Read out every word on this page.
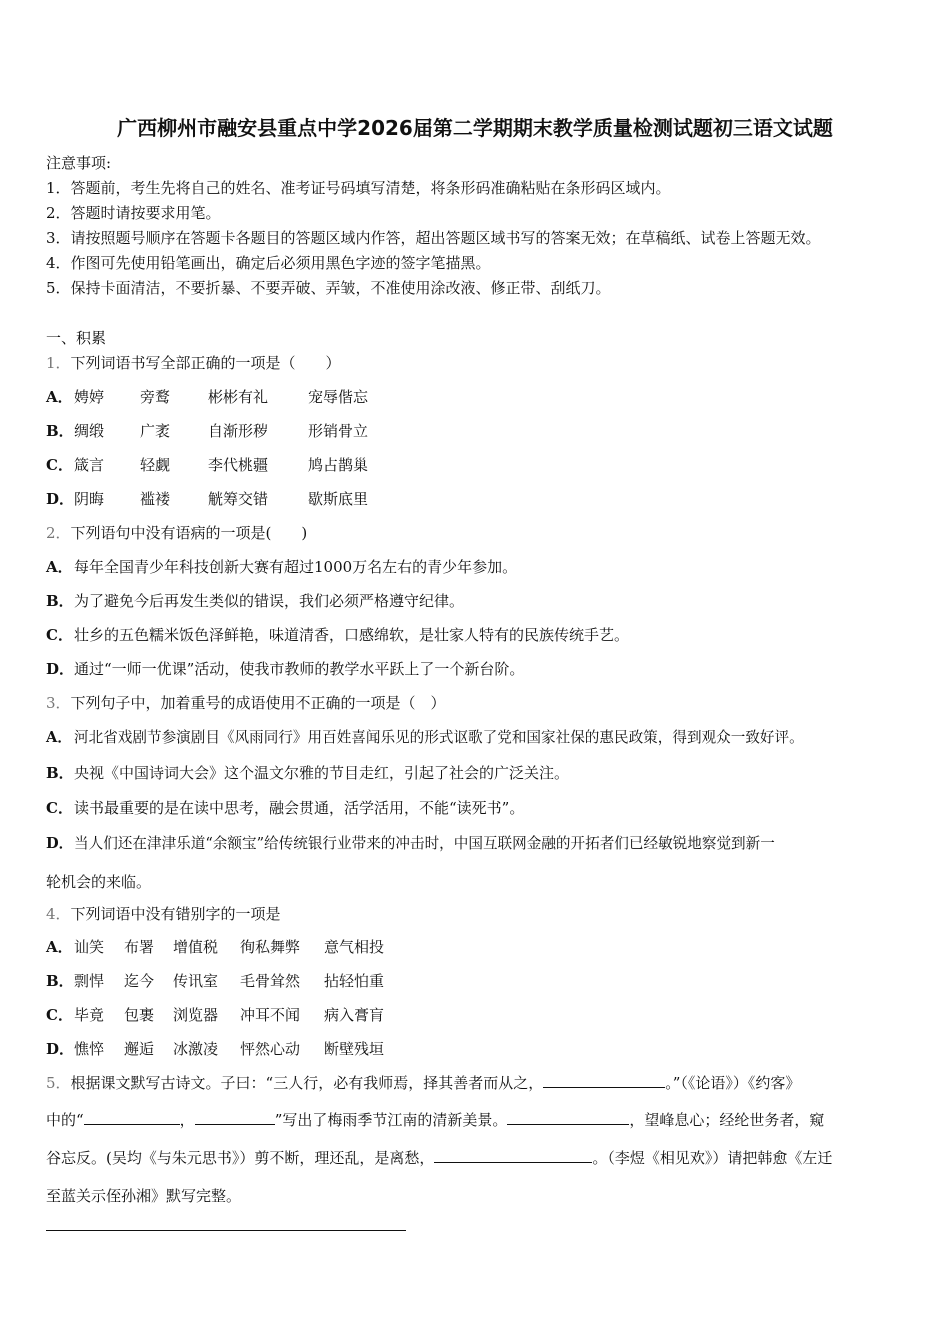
广西柳州市融安县重点中学2026届第二学期期末教学质量检测试题初三语文试题
注意事项:
1．答题前，考生先将自己的姓名、准考证号码填写清楚，将条形码准确粘贴在条形码区域内。
2．答题时请按要求用笔。
3．请按照题号顺序在答题卡各题目的答题区域内作答，超出答题区域书写的答案无效；在草稿纸、试卷上答题无效。
4．作图可先使用铅笔画出，确定后必须用黑色字迹的签字笔描黑。
5．保持卡面清洁，不要折暴、不要弄破、弄皱，不准使用涂改液、修正带、刮纸刀。
一、积累
1．下列词语书写全部正确的一项是（　　）
A．娉婷 旁鹜	彬彬有礼	宠辱偕忘
B．绸缎 广袤	自渐形秽	形销骨立
C．箴言 轻觑	李代桃疆	鸠占鹊巢
D．阴晦 褴褛	觥筹交错	歇斯底里
2．下列语句中没有语病的一项是(　　)
A．每年全国青少年科技创新大赛有超过1000万名左右的青少年参加。
B．为了避免今后再发生类似的错误，我们必须严格遵守纪律。
C．壮乡的五色糯米饭色泽鲜艳，味道清香，口感绵软，是壮家人特有的民族传统手艺。
D．通过“一师一优课”活动，使我市教师的教学水平跃上了一个新台阶。
3．下列句子中，加着重号的成语使用不正确的一项是（　）
A． 河北省戏剧节参演剧目《风雨同行》用百姓喜闻乐见的形式讴歌了党和国家社保的惠民政策，得到观众一致好评。
B．央视《中国诗词大会》这个温文尔雅的节目走红，引起了社会的广泛关注。
C．读书最重要的是在读中思考，融会贯通，活学活用，不能“读死书”。
D．当人们还在津津乐道“余额宝”给传统银行业带来的冲击时，中国互联网金融的开拓者们已经敏锐地察觉到新一
轮机会的来临。
4．下列词语中没有错别字的一项是
A．讪笑 布署 增值税 徇私舞弊 意气相投
B．剽悍 迄今 传讯室 毛骨耸然 拈轻怕重
C．毕竟 包裹 浏览器 冲耳不闻 病入膏肓
D．憔悴 邂逅 冰激凌 怦然心动 断壁残垣
5．根据课文默写古诗文。子曰：“三人行，必有我师焉，择其善者而从之，	。”（《论语》）《约客》
中的“	，	”写出了梅雨季节江南的清新美景。	，望峰息心；经纶世务者，窥
谷忘反。(吴均《与朱元思书》）剪不断，理还乱，是离愁，	。（李煜《相见欢》）请把韩愈《左迁
至蓝关示侄孙湘》默写完整。
